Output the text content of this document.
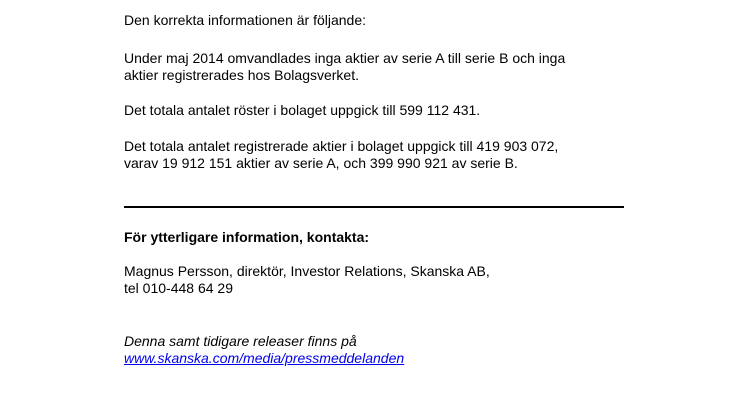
Den korrekta informationen är följande:

Under maj 2014 omvandlades inga aktier av serie A till serie B och inga
aktier registrerades hos Bolagsverket.

Det totala antalet röster i bolaget uppgick till 599 112 431.

Det totala antalet registrerade aktier i bolaget uppgick till 419 903 072,
varav 19 912 151 aktier av serie A, och 399 990 921 av serie B.

För ytterligare information, kontakta:

Magnus Persson, direktör, Investor Relations, Skanska AB,
tel 010-448 64 29

Denna samt tidigare releaser finns på
www.skanska.com/media/pressmeddelanden
